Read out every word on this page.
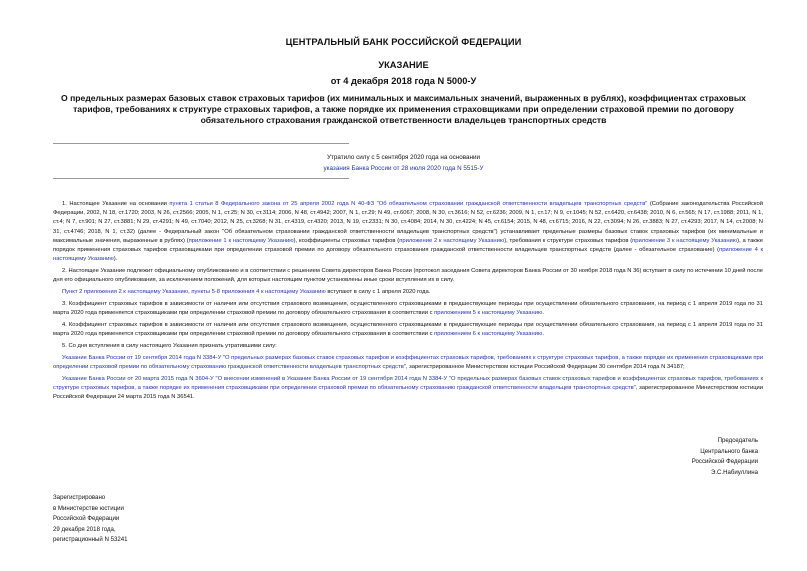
ЦЕНТРАЛЬНЫЙ БАНК РОССИЙСКОЙ ФЕДЕРАЦИИ
УКАЗАНИЕ
от 4 декабря 2018 года N 5000-У
О предельных размерах базовых ставок страховых тарифов (их минимальных и максимальных значений, выраженных в рублях), коэффициентах страховых тарифов, требованиях к структуре страховых тарифов, а также порядке их применения страховщиками при определении страховой премии по договору обязательного страхования гражданской ответственности владельцев транспортных средств
Утратило силу с 5 сентября 2020 года на основании
указания Банка России от 28 июля 2020 года N 5515-У

1. Настоящее Указание на основании пункта 1 статьи 8 Федерального закона от 25 апреля 2002 года N 40-ФЗ "Об обязательном страховании гражданской ответственности владельцев транспортных средств" (Собрание законодательства Российской Федерации, 2002, N 18, ст.1720; 2003, N 26, ст.2566; 2005, N 1, ст.25; N 30, ст.3114; 2006, N 48, ст.4942; 2007, N 1, ст.29; N 49, ст.6067; 2008, N 30, ст.3616; N 52, ст.6236; 2009, N 1, ст.17; N 9, ст.1045; N 52, ст.6420, ст.6438; 2010, N 6, ст.565; N 17, ст.1988; 2011, N 1, ст.4; N 7, ст.901; N 27, ст.3881; N 29, ст.4291; N 49, ст.7040; 2012, N 25, ст.3268; N 31, ст.4319, ст.4320; 2013, N 19, ст.2331; N 30, ст.4084; 2014, N 30, ст.4224; N 45, ст.6154; 2015, N 48, ст.6715; 2016, N 22, ст.3094; N 26, ст.3883; N 27, ст.4293; 2017, N 14, ст.2008; N 31, ст.4746; 2018, N 1, ст.32) (далее - Федеральный закон "Об обязательном страховании гражданской ответственности владельцев транспортных средств") устанавливает предельные размеры базовых ставок страховых тарифов (их минимальные и максимальные значения, выраженные в рублях) (приложение 1 к настоящему Указанию), коэффициенты страховых тарифов (приложение 2 к настоящему Указанию), требования к структуре страховых тарифов (приложение 3 к настоящему Указанию), а также порядок применения страховых тарифов страховщиками при определении страховой премии по договору обязательного страхования гражданской ответственности владельцев транспортных средств (далее - обязательное страхование) (приложение 4 к настоящему Указанию).

2. Настоящее Указание подлежит официальному опубликованию и в соответствии с решением Совета директоров Банка России (протокол заседания Совета директоров Банка России от 30 ноября 2018 года N 36) вступает в силу по истечении 10 дней после дня его официального опубликования, за исключением положений, для которых настоящим пунктом установлены иные сроки вступления их в силу.

Пункт 2 приложения 2 к настоящему Указанию, пункты 5-8 приложения 4 к настоящему Указанию вступают в силу с 1 апреля 2020 года.

3. Коэффициент страховых тарифов в зависимости от наличия или отсутствия страхового возмещения, осуществленного страховщиками в предшествующие периоды при осуществлении обязательного страхования, на период с 1 апреля 2019 года по 31 марта 2020 года применяется страховщиками при определении страховой премии по договору обязательного страхования в соответствии с приложением 5 к настоящему Указанию.

4. Коэффициент страховых тарифов в зависимости от наличия или отсутствия страхового возмещения, осуществленного страховщиками в предшествующие периоды при осуществлении обязательного страхования, на период с 1 апреля 2019 года по 31 марта 2020 года применяется страховщиками при определении страховой премии по договору обязательного страхования в соответствии с приложением 6 к настоящему Указанию.

5. Со дня вступления в силу настоящего Указания признать утратившими силу:

Указание Банка России от 19 сентября 2014 года N 3384-У "О предельных размерах базовых ставок страховых тарифов и коэффициентах страховых тарифов, требованиях к структуре страховых тарифов, а также порядке их применения страховщиками при определении страховой премии по обязательному страхованию гражданской ответственности владельцев транспортных средств", зарегистрированное Министерством юстиции Российской Федерации 30 сентября 2014 года N 34187;

Указание Банка России от 20 марта 2015 года N 3604-У "О внесении изменений в Указание Банка России от 19 сентября 2014 года N 3384-У "О предельных размерах базовых ставок страховых тарифов и коэффициентах страховых тарифов, требованиях к структуре страховых тарифов, а также порядке их применения страховщиками при определении страховой премии по обязательному страхованию гражданской ответственности владельцев транспортных средств", зарегистрированное Министерством юстиции Российской Федерации 24 марта 2015 года N 36541.

Председатель
Центрального банка
Российской Федерации
Э.С.Набиуллина
Зарегистрировано
в Министерстве юстиции
Российской Федерации
29 декабря 2018 года,
регистрационный N 53241
